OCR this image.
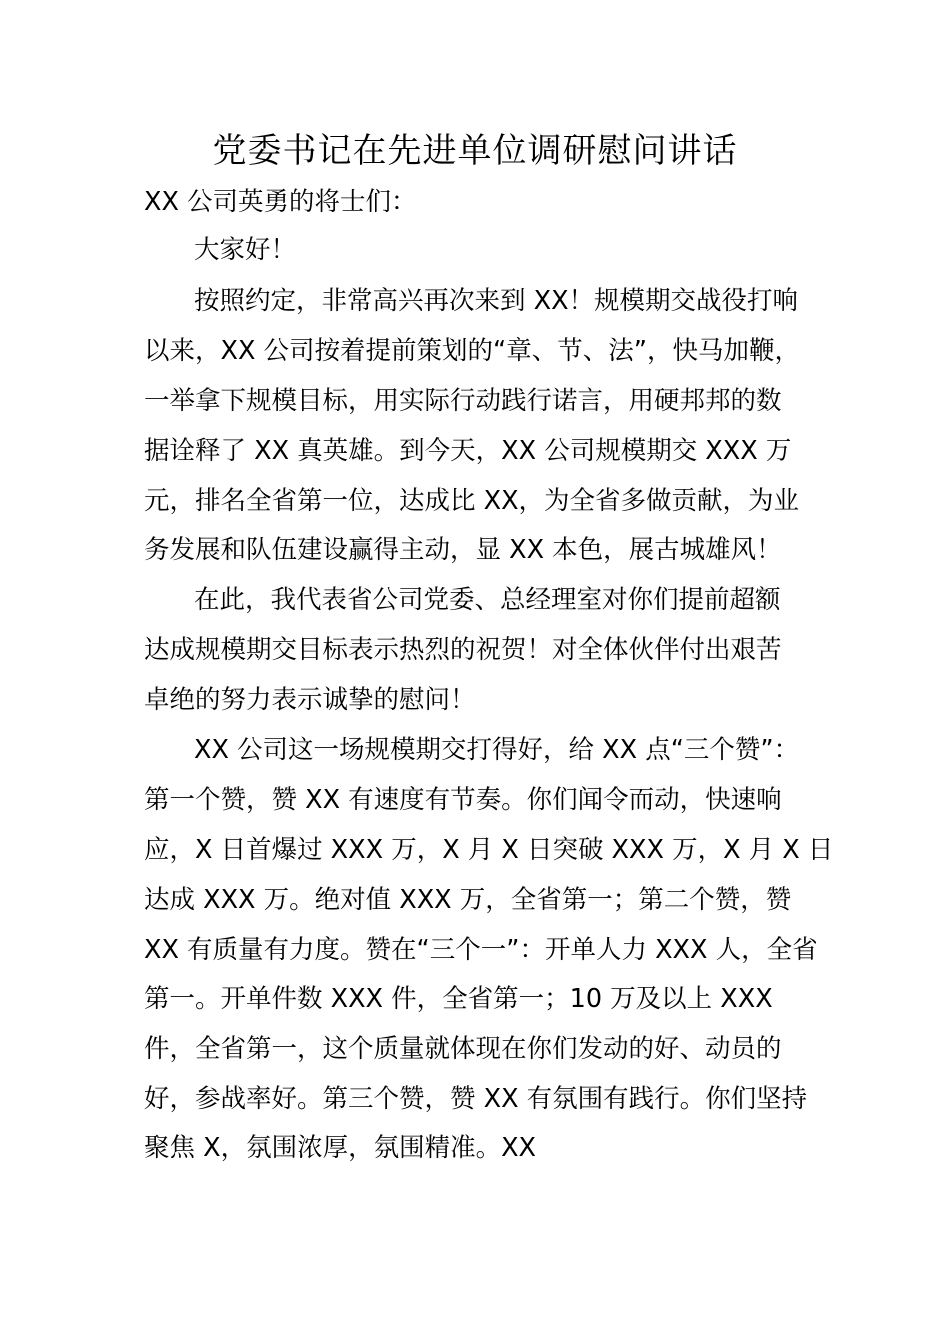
党委书记在先进单位调研慰问讲话
XX 公司英勇的将士们：
大家好！
按照约定，非常高兴再次来到 XX！规模期交战役打响
以来，XX 公司按着提前策划的“章、节、法”，快马加鞭，
一举拿下规模目标，用实际行动践行诺言，用硬邦邦的数
据诠释了 XX 真英雄。到今天，XX 公司规模期交 XXX 万
元，排名全省第一位，达成比 XX，为全省多做贡献，为业
务发展和队伍建设赢得主动，显 XX 本色，展古城雄风！
在此，我代表省公司党委、总经理室对你们提前超额
达成规模期交目标表示热烈的祝贺！对全体伙伴付出艰苦
卓绝的努力表示诚挚的慰问！
XX 公司这一场规模期交打得好，给 XX 点“三个赞”：
第一个赞，赞 XX 有速度有节奏。你们闻令而动，快速响
应，X 日首爆过 XXX 万，X 月 X 日突破 XXX 万，X 月 X 日
达成 XXX 万。绝对值 XXX 万，全省第一；第二个赞，赞
XX 有质量有力度。赞在“三个一”：开单人力 XXX 人，全省
第一。开单件数 XXX 件，全省第一；10 万及以上 XXX
件，全省第一，这个质量就体现在你们发动的好、动员的
好，参战率好。第三个赞，赞 XX 有氛围有践行。你们坚持
聚焦 X，氛围浓厚，氛围精准。XX
